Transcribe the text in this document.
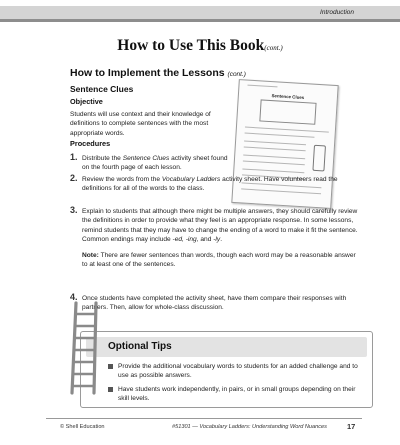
Introduction
How to Use This Book(cont.)
How to Implement the Lessons (cont.)
Sentence Clues
Objective
Students will use context and their knowledge of definitions to complete sentences with the most appropriate words.
Procedures
Sentence Clues
1. Distribute the Sentence Clues activity sheet found on the fourth page of each lesson.
2. Review the words from the Vocabulary Ladders activity sheet. Have volunteers read the definitions for all of the words to the class.
3. Explain to students that although there might be multiple answers, they should carefully review the definitions in order to provide what they feel is an appropriate response. In some lessons, remind students that they may have to change the ending of a word to make it fit the sentence. Common endings may include -ed, -ing, and -ly.
Note: There are fewer sentences than words, though each word may be a reasonable answer to at least one of the sentences.
4. Once students have completed the activity sheet, have them compare their responses with partners. Then, allow for whole-class discussion.
Optional Tips
Provide the additional vocabulary words to students for an added challenge and to use as possible answers.
Have students work independently, in pairs, or in small groups depending on their skill levels.
© Shell Education	#51301 — Vocabulary Ladders: Understanding Word Nuances	17
